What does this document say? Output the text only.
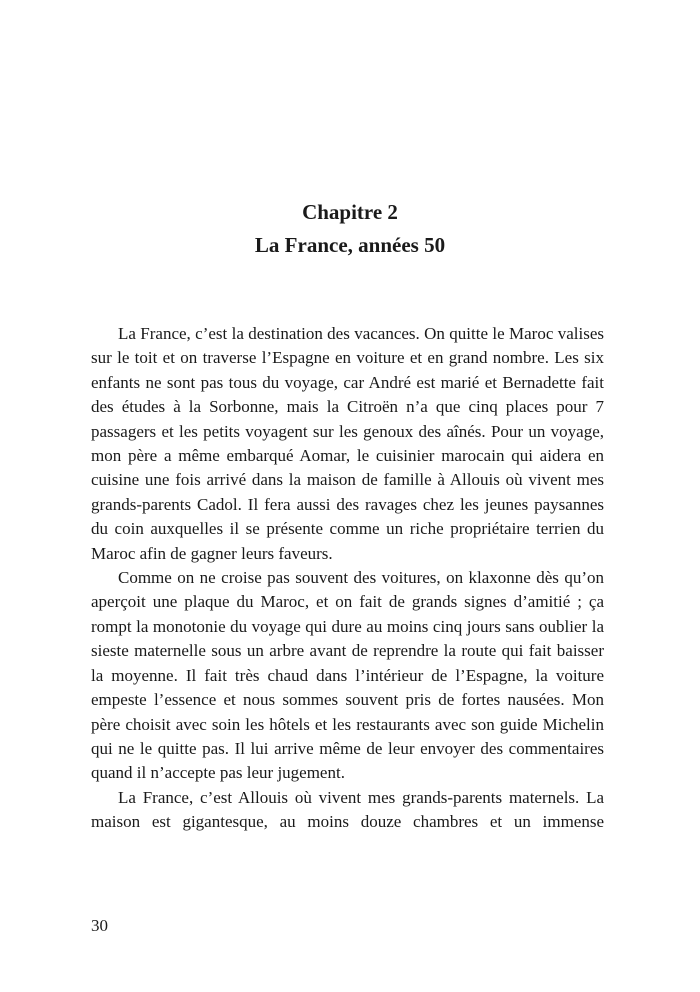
Chapitre 2
La France, années 50

La France, c’est la destination des vacances. On quitte le Maroc valises sur le toit et on traverse l’Espagne en voiture et en grand nombre. Les six enfants ne sont pas tous du voyage, car André est marié et Bernadette fait des études à la Sorbonne, mais la Citroën n’a que cinq places pour 7 passagers et les petits voyagent sur les genoux des aînés. Pour un voyage, mon père a même embarqué Aomar, le cuisinier marocain qui aidera en cuisine une fois arrivé dans la maison de famille à Allouis où vivent mes grands-parents Cadol. Il fera aussi des ravages chez les jeunes paysannes du coin auxquelles il se présente comme un riche propriétaire terrien du Maroc afin de gagner leurs faveurs.

Comme on ne croise pas souvent des voitures, on klaxonne dès qu’on aperçoit une plaque du Maroc, et on fait de grands signes d’amitié ; ça rompt la monotonie du voyage qui dure au moins cinq jours sans oublier la sieste maternelle sous un arbre avant de reprendre la route qui fait baisser la moyenne. Il fait très chaud dans l’intérieur de l’Espagne, la voiture empeste l’essence et nous sommes souvent pris de fortes nausées. Mon père choisit avec soin les hôtels et les restaurants avec son guide Michelin qui ne le quitte pas. Il lui arrive même de leur envoyer des commentaires quand il n’accepte pas leur jugement.

La France, c’est Allouis où vivent mes grands-parents maternels. La maison est gigantesque, au moins douze chambres et un immense

30
